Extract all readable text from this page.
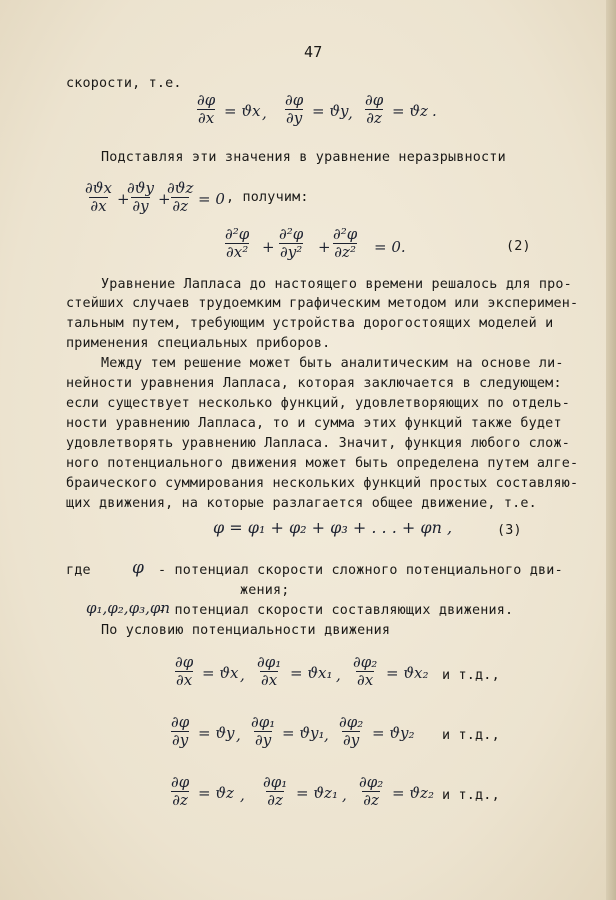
47
скорости, т.е.
$\frac{\partial\varphi}{\partial x} = ϑx$ , $\frac{\partial\varphi}{\partial y} = ϑy$ , $\frac{\partial\varphi}{\partial z} = ϑz$ .
Подставляя эти значения в уравнение неразрывности
$\frac{\partial ϑx}{\partial x}$ +
$\frac{\partial ϑy}{\partial y}$ +
$\frac{\partial ϑz}{\partial z} = 0$ , получим:
$\frac{\text{∂²φ}}{\text{∂x²}} + \frac{\text{∂²φ}}{\text{∂y²}} + \frac{\text{∂²φ}}{\text{∂z²}} = 0$.	(2)
Уравнение Лапласа до настоящего времени решалось для про-
стейших случаев трудоемким графическим методом или эксперимен-
тальным путем, требующим устройства дорогостоящих моделей и
применения специальных приборов.
Между тем решение может быть аналитическим на основе ли-
нейности уравнения Лапласа, которая заключается в следующем:
если существует несколько функций, удовлетворяющих по отдель-
ности уравнению Лапласа, то и сумма этих функций также будет
удовлетворять уравнению Лапласа. Значит, функция любого слож-
ного потенциального движения может быть определена путем алге-
браического суммирования нескольких функций простых составляю-
щих движения, на которые разлагается общее движение, т.е.
φ = φ₁ + φ₂ + φ₃ + . . . + φn ,	(3)
где φ - потенциал скорости сложного потенциального дви-
жения;
φ₁,φ₂,φ₃,φn
- потенциал скорости составляющих движения.
По условию потенциальности движения
$\frac{\partial\varphi}{\partial x} = ϑx$ , $\frac{\text{∂φ₁}}{\partial x} = ϑx_1$ , $\frac{\text{∂φ₂}}{\partial x} = ϑx_2$ и т.д.,
$\frac{\partial\varphi}{\partial y} = ϑy$ , $\frac{\text{∂φ₁}}{\partial y} = ϑy_1$ , $\frac{\text{∂φ₂}}{\partial y} = ϑy_2$ и т.д.,
$\frac{\partial\varphi}{\partial z} = ϑz$ , $\frac{\text{∂φ₁}}{\partial z} = ϑz_1$ , $\frac{\text{∂φ₂}}{\partial z} = ϑz_2$ и т.д.,
